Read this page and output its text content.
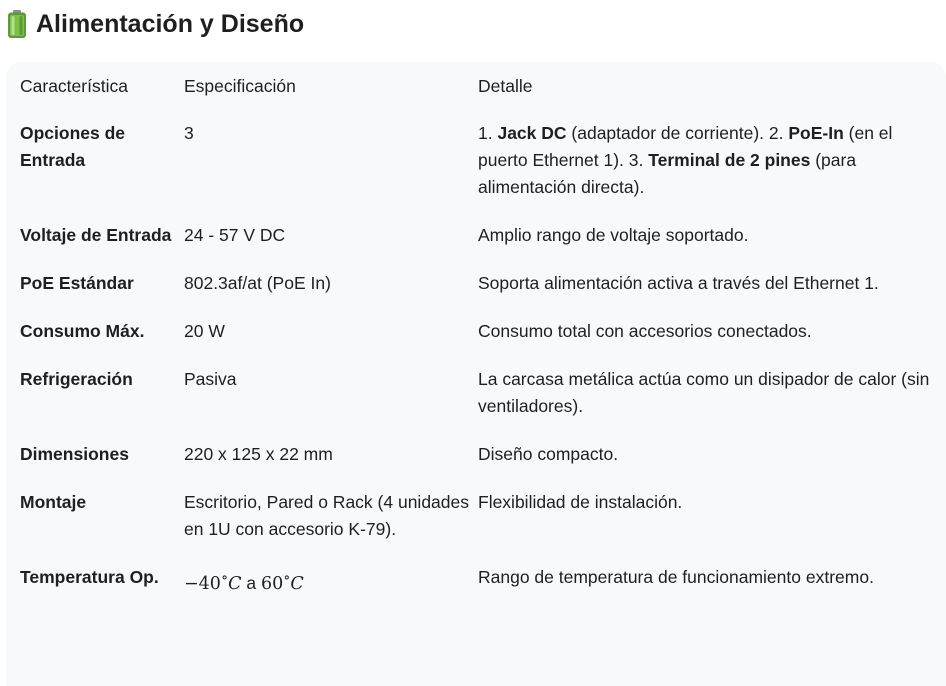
Alimentación y Diseño
Característica	Especificación	Detalle
Opciones de Entrada	3	1. Jack DC (adaptador de corriente). 2. PoE-In (en el puerto Ethernet 1). 3. Terminal de 2 pines (para alimentación directa).
Voltaje de Entrada	24 - 57 V DC	Amplio rango de voltaje soportado.
PoE Estándar	802.3af/at (PoE In)	Soporta alimentación activa a través del Ethernet 1.
Consumo Máx.	20 W	Consumo total con accesorios conectados.
Refrigeración	Pasiva	La carcasa metálica actúa como un disipador de calor (sin ventiladores).
Dimensiones	220 x 125 x 22 mm	Diseño compacto.
Montaje	Escritorio, Pared o Rack (4 unidades en 1U con accesorio K-79).	Flexibilidad de instalación.
Temperatura Op.	−40∘C a 60∘C	Rango de temperatura de funcionamiento extremo.
